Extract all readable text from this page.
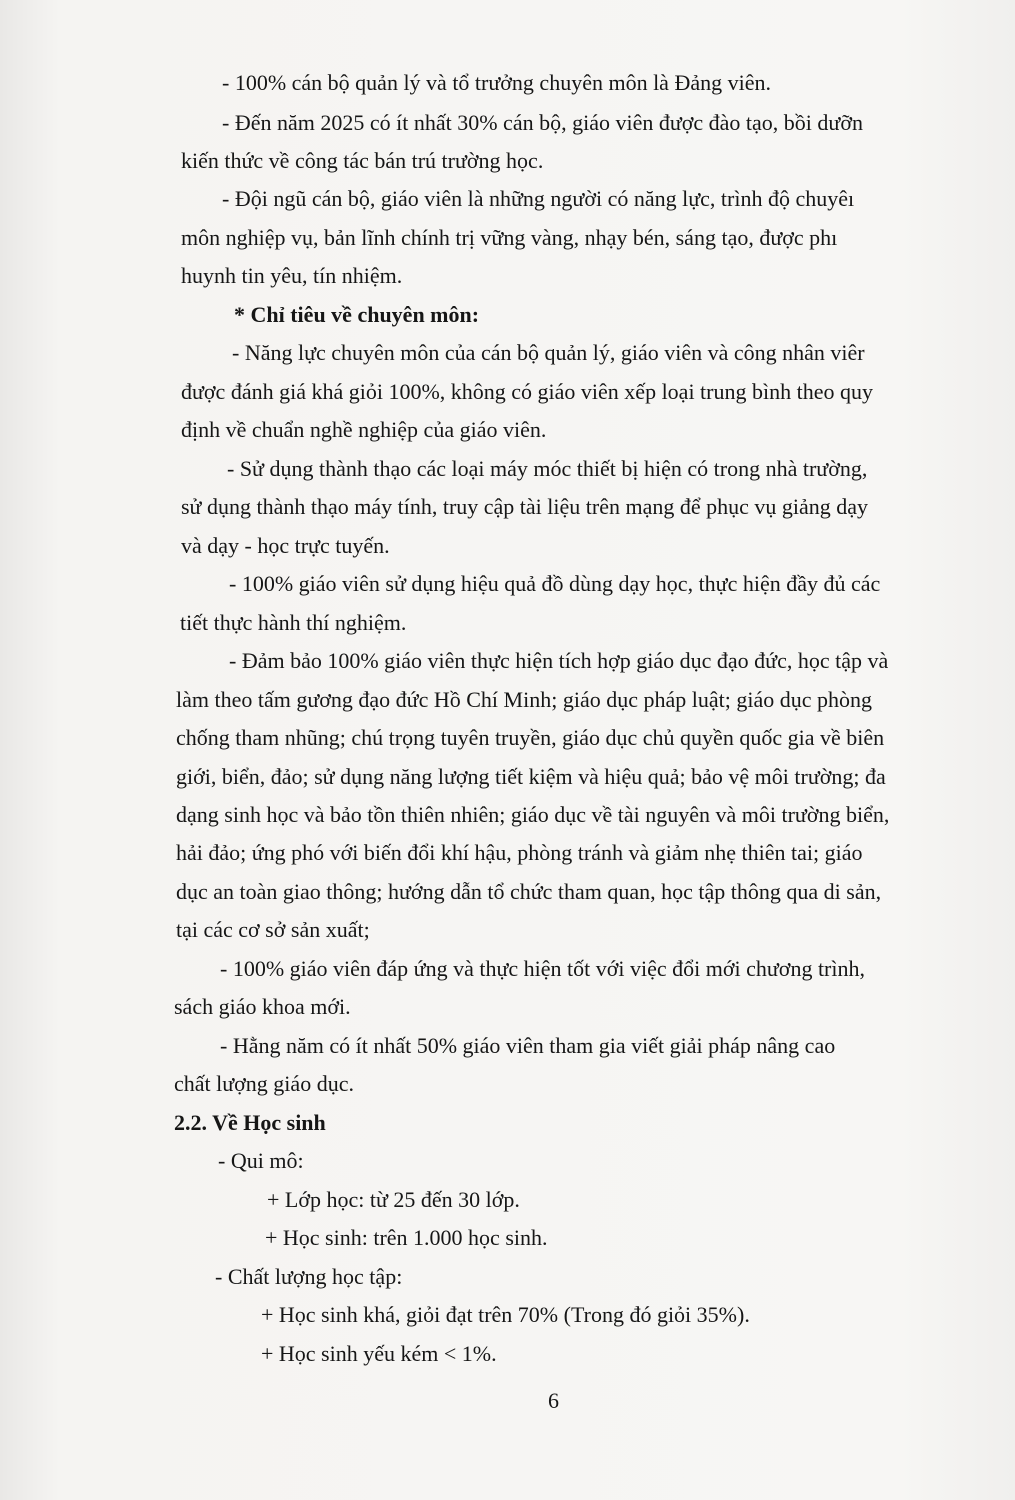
- 100% cán bộ quản lý và tổ trưởng chuyên môn là Đảng viên.

- Đến năm 2025 có ít nhất 30% cán bộ, giáo viên được đào tạo, bồi dưỡn

kiến thức về công tác bán trú trường học.

- Đội ngũ cán bộ, giáo viên là những người có năng lực, trình độ chuyêı

môn nghiệp vụ, bản lĩnh chính trị vững vàng, nhạy bén, sáng tạo, được phı

huynh tin yêu, tín nhiệm.

* Chỉ tiêu về chuyên môn:

- Năng lực chuyên môn của cán bộ quản lý, giáo viên và công nhân viêr

được đánh giá khá giỏi 100%, không có giáo viên xếp loại trung bình theo quy

định về chuẩn nghề nghiệp của giáo viên.

- Sử dụng thành thạo các loại máy móc thiết bị hiện có trong nhà trường,

sử dụng thành thạo máy tính, truy cập tài liệu trên mạng để phục vụ giảng dạy

và dạy - học trực tuyến.

- 100% giáo viên sử dụng hiệu quả đồ dùng dạy học, thực hiện đầy đủ các

tiết thực hành thí nghiệm.

- Đảm bảo 100% giáo viên thực hiện tích hợp giáo dục đạo đức, học tập và

làm theo tấm gương đạo đức Hồ Chí Minh; giáo dục pháp luật; giáo dục phòng

chống tham nhũng; chú trọng tuyên truyền, giáo dục chủ quyền quốc gia về biên

giới, biển, đảo; sử dụng năng lượng tiết kiệm và hiệu quả; bảo vệ môi trường; đa

dạng sinh học và bảo tồn thiên nhiên; giáo dục về tài nguyên và môi trường biển,

hải đảo; ứng phó với biến đổi khí hậu, phòng tránh và giảm nhẹ thiên tai; giáo

dục an toàn giao thông; hướng dẫn tổ chức tham quan, học tập thông qua di sản,

tại các cơ sở sản xuất;

- 100% giáo viên đáp ứng và thực hiện tốt với việc đổi mới chương trình,

sách giáo khoa mới.

- Hằng năm có ít nhất 50% giáo viên tham gia viết giải pháp nâng cao

chất lượng giáo dục.

2.2. Về Học sinh

- Qui mô:

+ Lớp học: từ 25 đến 30 lớp.

+ Học sinh: trên 1.000 học sinh.

- Chất lượng học tập:

+ Học sinh khá, giỏi đạt trên 70% (Trong đó giỏi 35%).

+ Học sinh yếu kém < 1%.

6
